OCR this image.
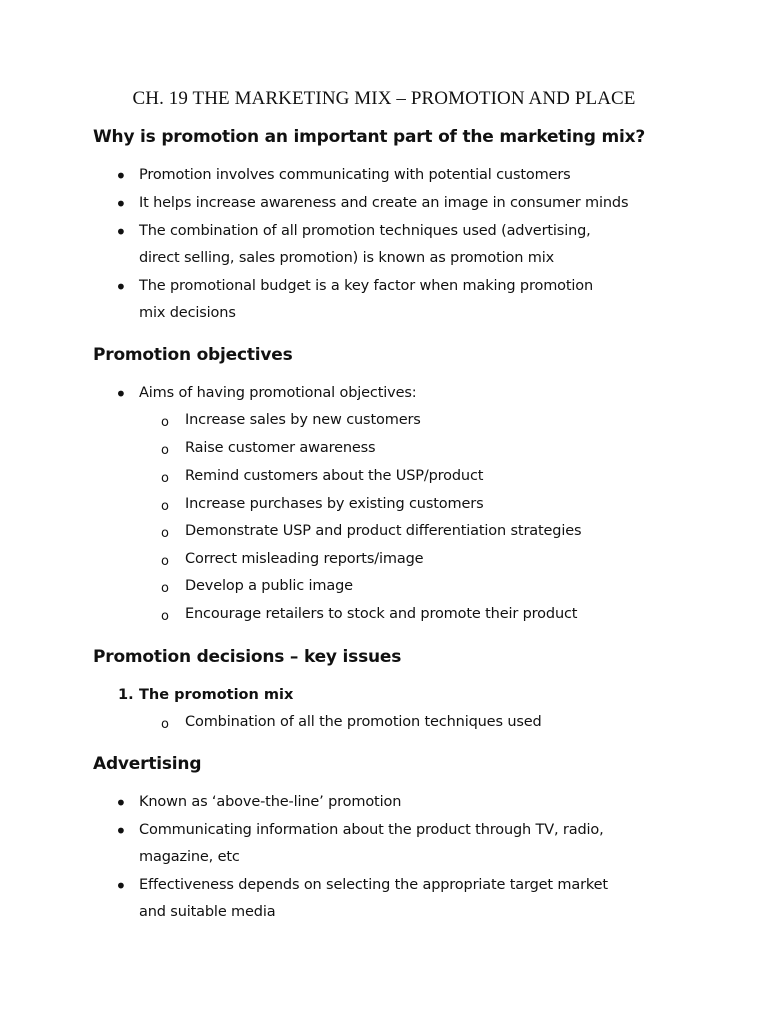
CH. 19 THE MARKETING MIX – PROMOTION AND PLACE
Why is promotion an important part of the marketing mix?
• Promotion involves communicating with potential customers
• It helps increase awareness and create an image in consumer minds
• The combination of all promotion techniques used (advertising,
direct selling, sales promotion) is known as promotion mix
• The promotional budget is a key factor when making promotion
mix decisions
Promotion objectives
• Aims of having promotional objectives:
o Increase sales by new customers
o Raise customer awareness
o Remind customers about the USP/product
o Increase purchases by existing customers
o Demonstrate USP and product differentiation strategies
o Correct misleading reports/image
o Develop a public image
o Encourage retailers to stock and promote their product
Promotion decisions – key issues
1. The promotion mix
o Combination of all the promotion techniques used
Advertising
• Known as ‘above-the-line’ promotion
• Communicating information about the product through TV, radio,
magazine, etc
• Effectiveness depends on selecting the appropriate target market
and suitable media
